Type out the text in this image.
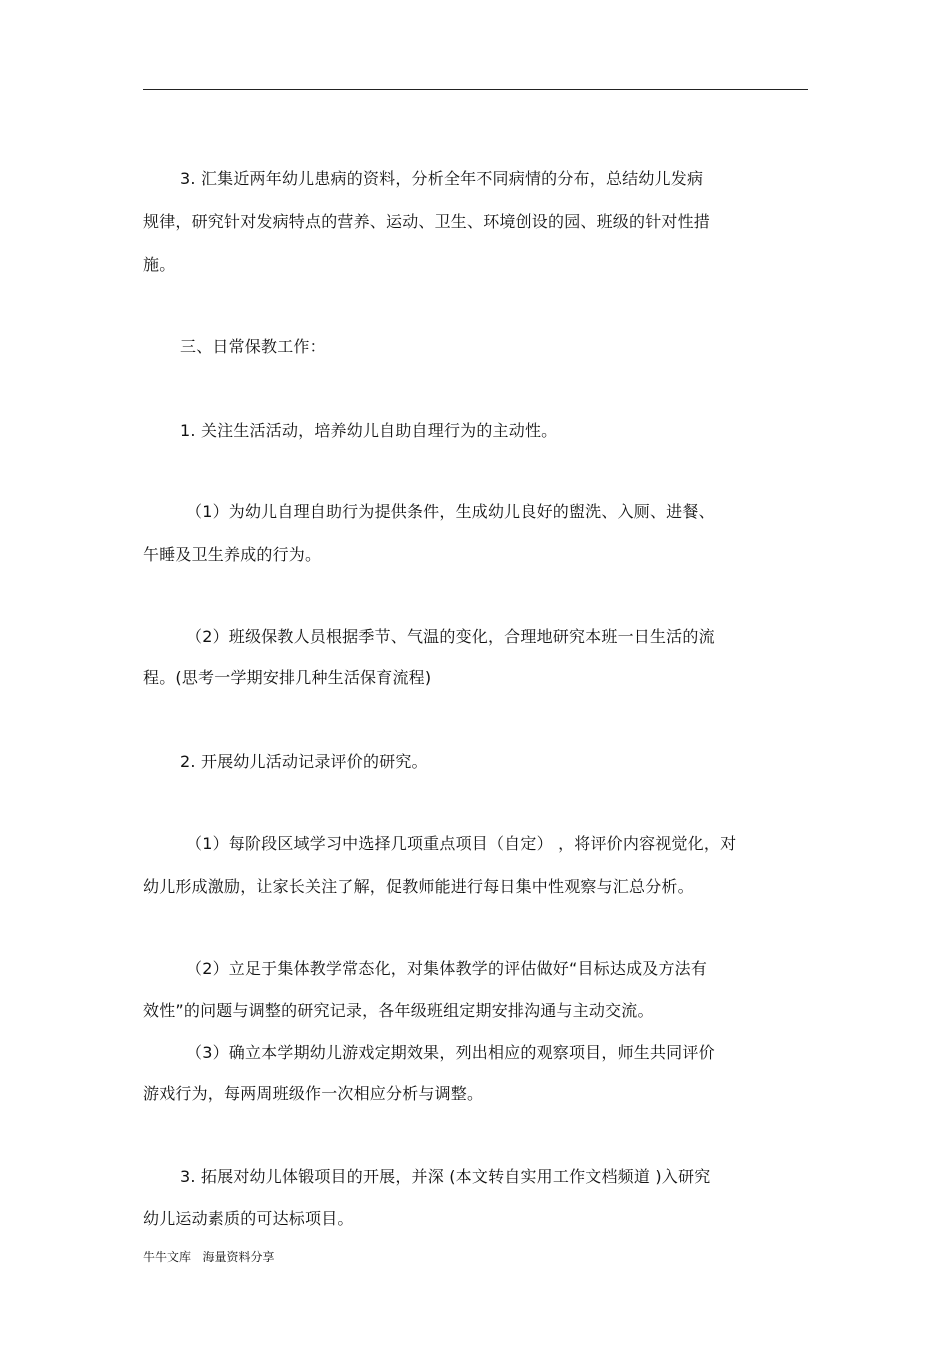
3. 汇集近两年幼儿患病的资料，分析全年不同病情的分布，总结幼儿发病
规律，研究针对发病特点的营养、运动、卫生、环境创设的园、班级的针对性措
施。
三、日常保教工作：
1. 关注生活活动，培养幼儿自助自理行为的主动性。
（1）为幼儿自理自助行为提供条件，生成幼儿良好的盥洗、入厕、进餐、
午睡及卫生养成的行为。
（2）班级保教人员根据季节、气温的变化，合理地研究本班一日生活的流
程。(思考一学期安排几种生活保育流程)
2. 开展幼儿活动记录评价的研究。
（1）每阶段区域学习中选择几项重点项目（自定） ，将评价内容视觉化，对
幼儿形成激励，让家长关注了解，促教师能进行每日集中性观察与汇总分析。
（2）立足于集体教学常态化，对集体教学的评估做好“目标达成及方法有
效性”的问题与调整的研究记录，各年级班组定期安排沟通与主动交流。
（3）确立本学期幼儿游戏定期效果，列出相应的观察项目，师生共同评价
游戏行为，每两周班级作一次相应分析与调整。
3. 拓展对幼儿体锻项目的开展，并深 (本文转自实用工作文档频道 )入研究
幼儿运动素质的可达标项目。
牛牛文库   海量资料分享
